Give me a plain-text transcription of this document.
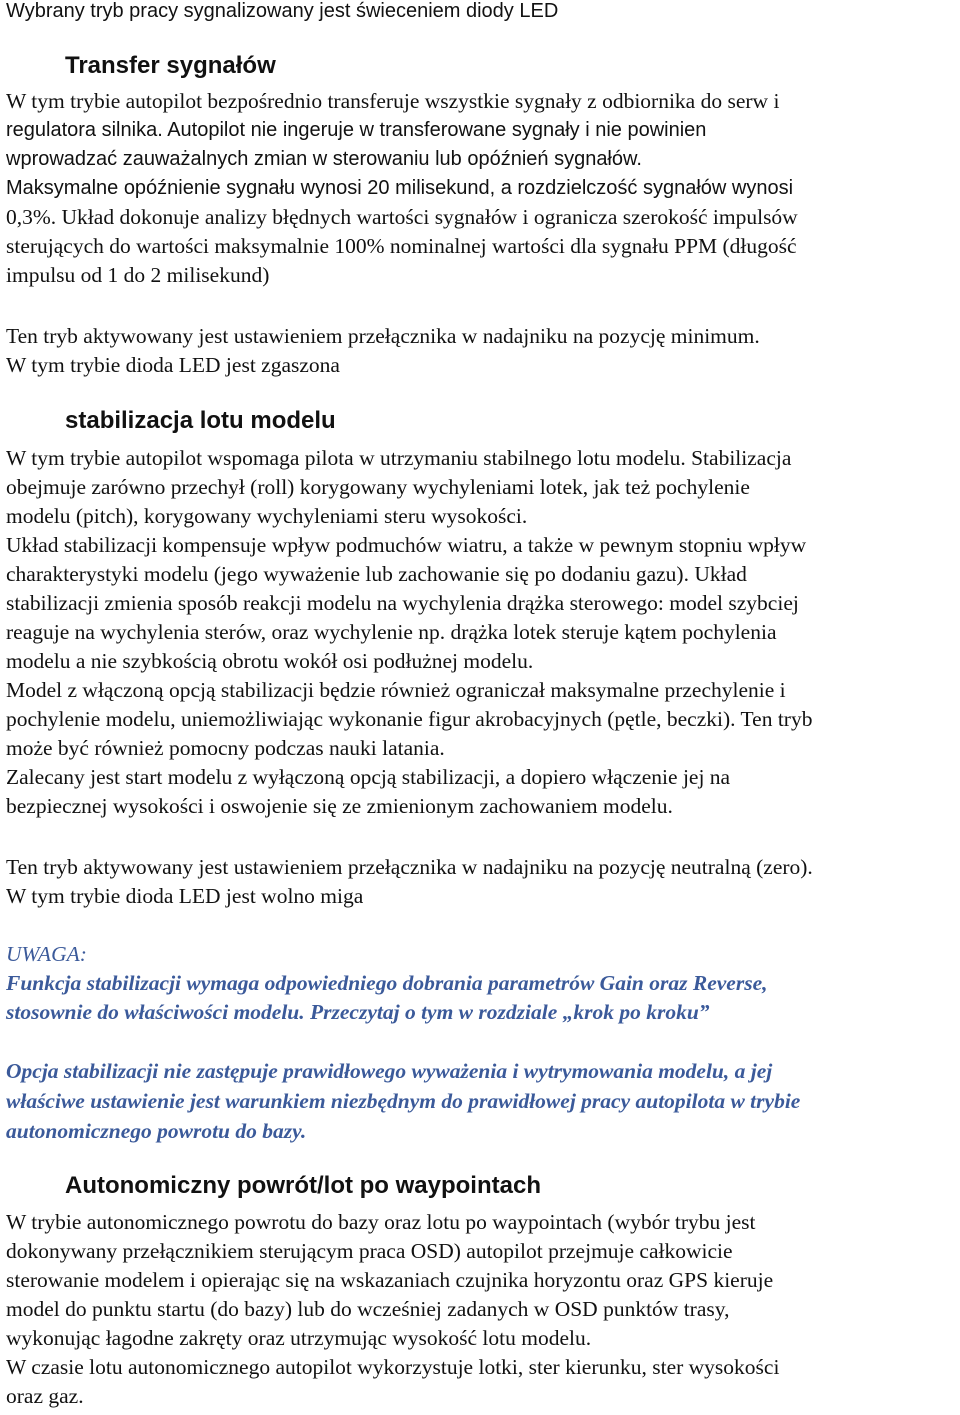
Wybrany tryb pracy sygnalizowany jest świeceniem diody LED

Transfer sygnałów

W tym trybie autopilot bezpośrednio transferuje wszystkie sygnały z odbiornika do serw i

regulatora silnika. Autopilot nie ingeruje w transferowane sygnały i nie powinien

wprowadzać zauważalnych zmian w sterowaniu lub opóźnień sygnałów.

Maksymalne opóźnienie sygnału wynosi 20 milisekund, a rozdzielczość sygnałów wynosi

0,3%. Układ dokonuje analizy błędnych wartości sygnałów i ogranicza szerokość impulsów

sterujących do wartości maksymalnie 100% nominalnej wartości dla sygnału PPM (długość

impulsu od 1 do 2 milisekund)

Ten tryb aktywowany jest ustawieniem przełącznika w nadajniku na pozycję minimum.

W tym trybie dioda LED jest zgaszona

stabilizacja lotu modelu

W tym trybie autopilot wspomaga pilota w utrzymaniu stabilnego lotu modelu. Stabilizacja

obejmuje zarówno przechył (roll) korygowany wychyleniami lotek, jak też pochylenie

modelu (pitch), korygowany wychyleniami steru wysokości.

Układ stabilizacji kompensuje wpływ podmuchów wiatru, a także w pewnym stopniu wpływ

charakterystyki modelu (jego wyważenie lub zachowanie się po dodaniu gazu). Układ

stabilizacji zmienia sposób reakcji modelu na wychylenia drążka sterowego: model szybciej

reaguje na wychylenia sterów, oraz wychylenie np. drążka lotek steruje kątem pochylenia

modelu a nie szybkością obrotu wokół osi podłużnej modelu.

Model z włączoną opcją stabilizacji będzie również ograniczał maksymalne przechylenie i

pochylenie modelu, uniemożliwiając wykonanie figur akrobacyjnych (pętle, beczki). Ten tryb

może być również pomocny podczas nauki latania.

Zalecany jest start modelu z wyłączoną opcją stabilizacji, a dopiero włączenie jej na

bezpiecznej wysokości i oswojenie się ze zmienionym zachowaniem modelu.

Ten tryb aktywowany jest ustawieniem przełącznika w nadajniku na pozycję neutralną (zero).

W tym trybie dioda LED jest wolno miga

UWAGA:

Funkcja stabilizacji wymaga odpowiedniego dobrania parametrów Gain oraz Reverse,

stosownie do właściwości modelu. Przeczytaj o tym w rozdziale „krok po kroku”

Opcja stabilizacji nie zastępuje prawidłowego wyważenia i wytrymowania modelu, a jej

właściwe ustawienie jest warunkiem niezbędnym do prawidłowej pracy autopilota w trybie

autonomicznego powrotu do bazy.

Autonomiczny powrót/lot po waypointach

W trybie autonomicznego powrotu do bazy oraz lotu po waypointach (wybór trybu jest

dokonywany przełącznikiem sterującym praca OSD) autopilot przejmuje całkowicie

sterowanie modelem i opierając się na wskazaniach czujnika horyzontu oraz GPS kieruje

model do punktu startu (do bazy) lub do wcześniej zadanych w OSD punktów trasy,

wykonując łagodne zakręty oraz utrzymując wysokość lotu modelu.

W czasie lotu autonomicznego autopilot wykorzystuje lotki, ster kierunku, ster wysokości

oraz gaz.
